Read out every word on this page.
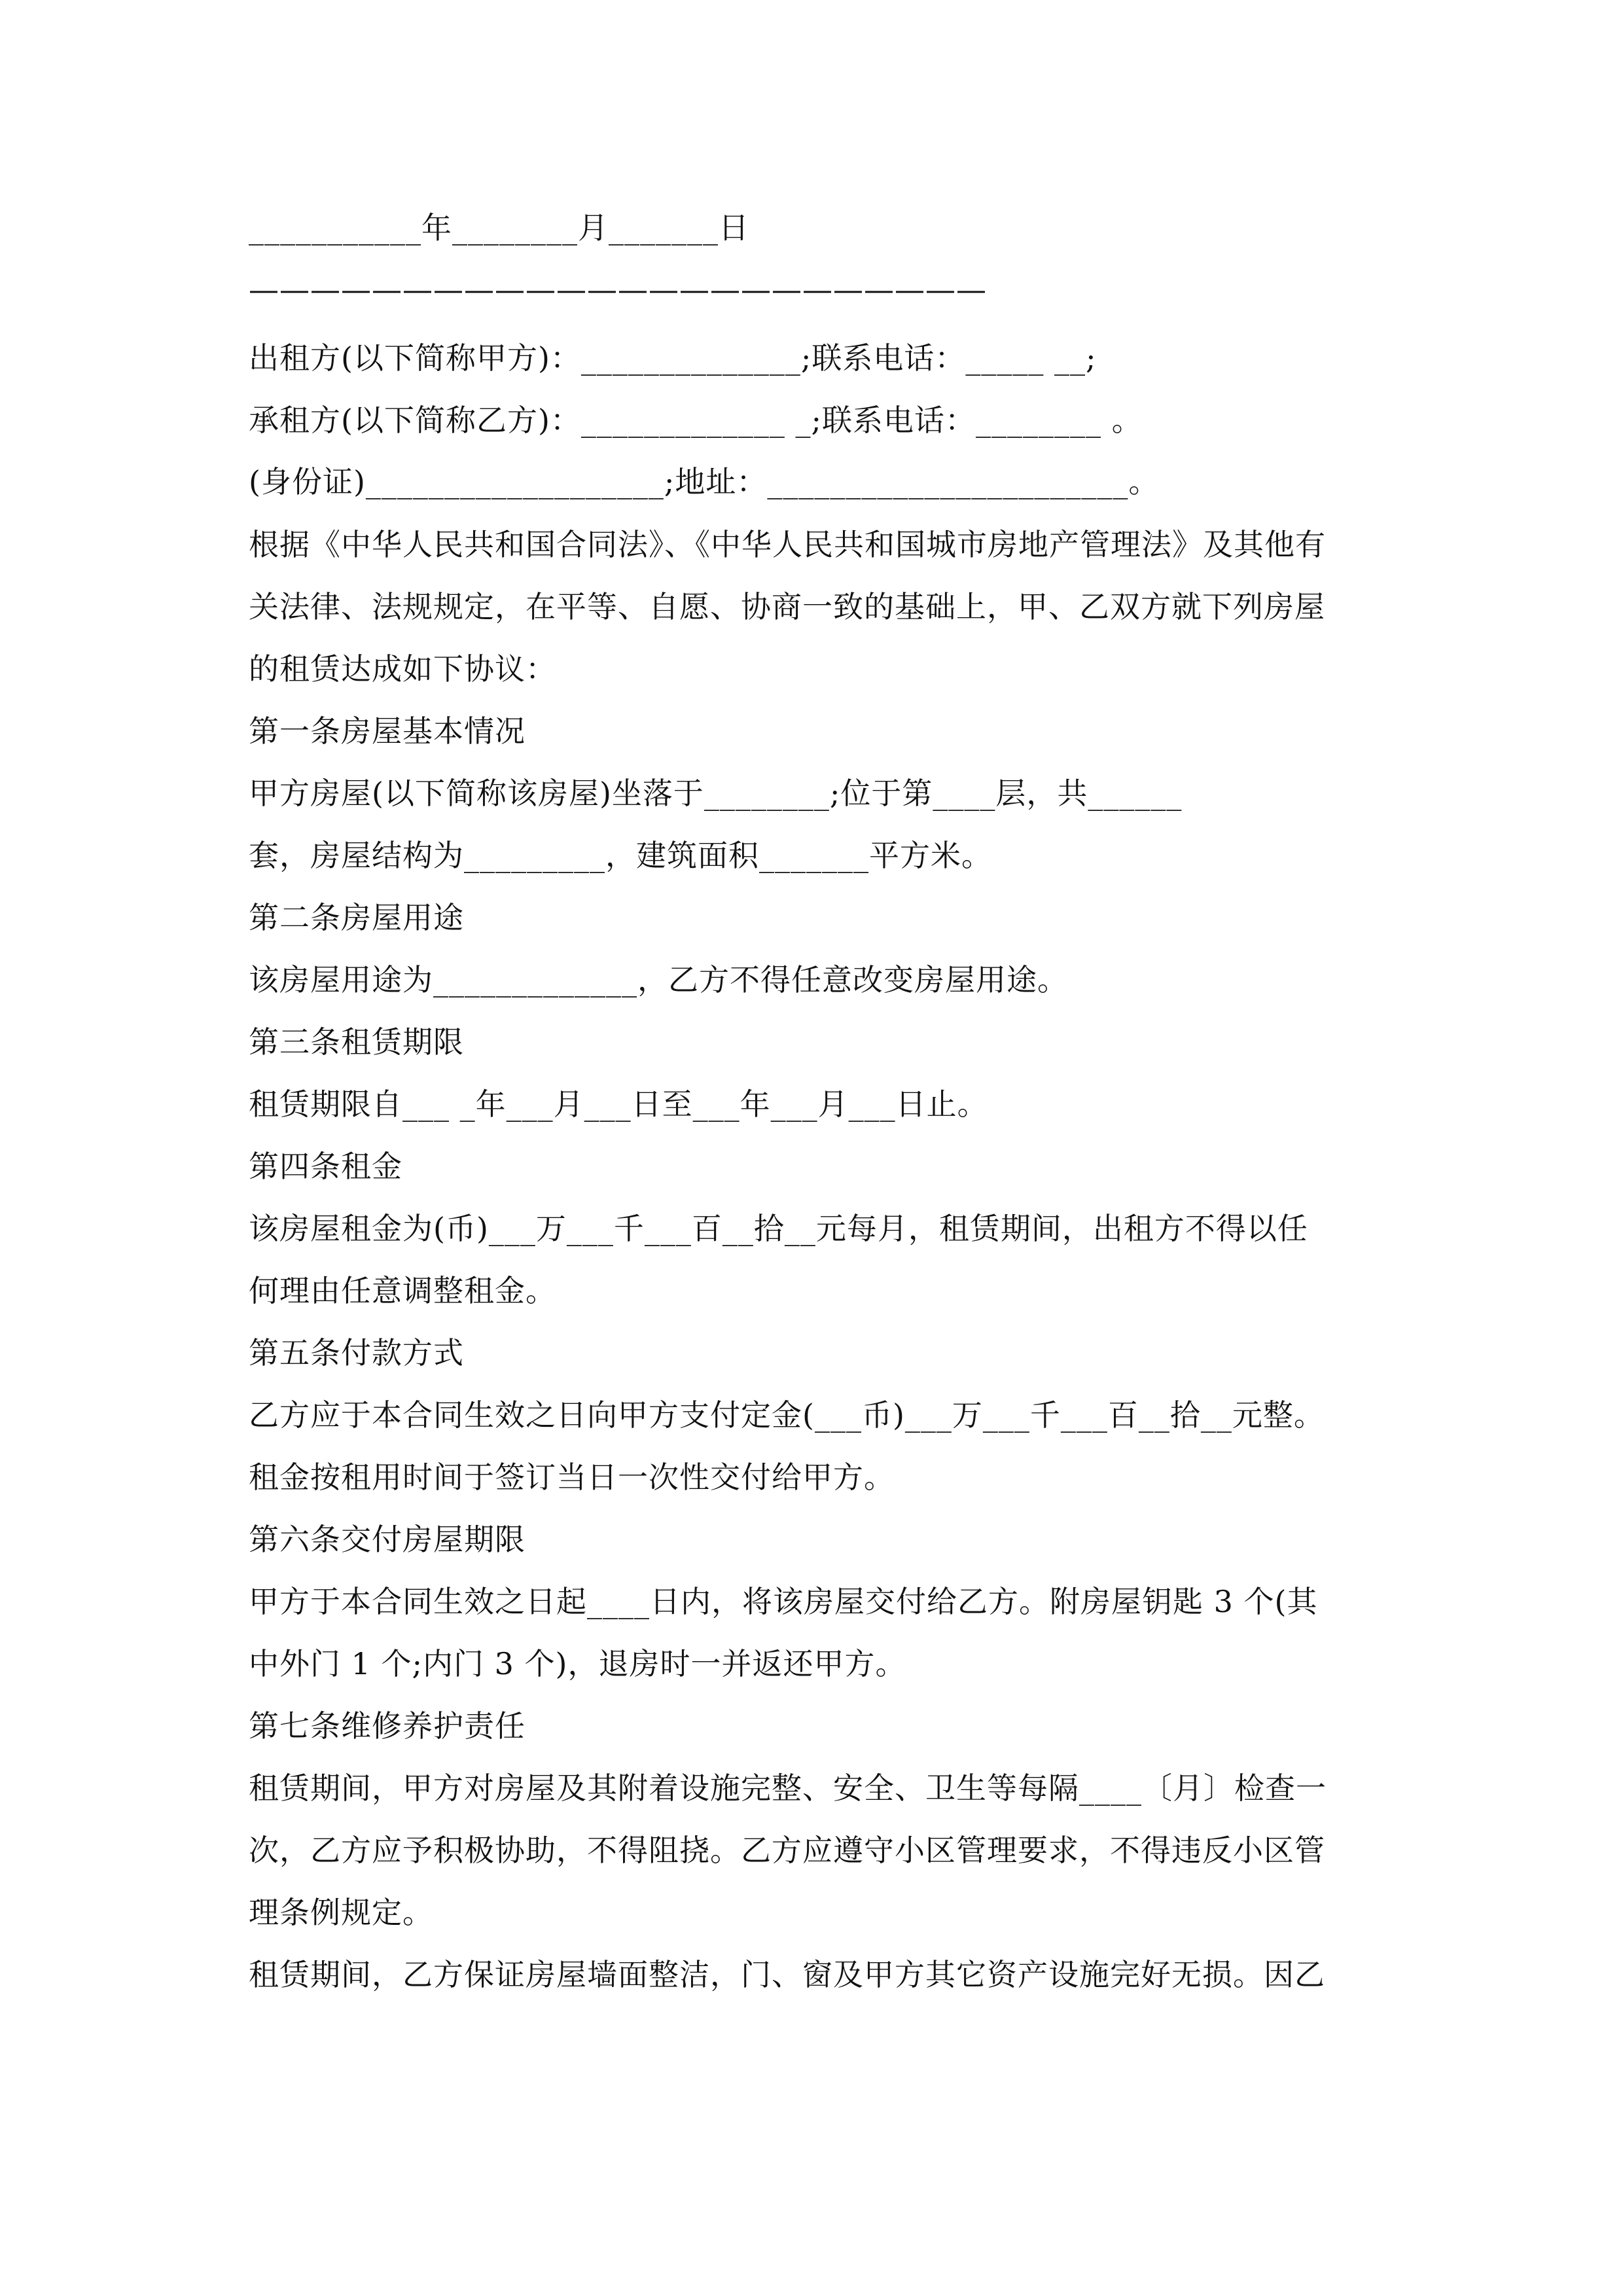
___________年________月_______日
————————————————————————
出租方(以下简称甲方)：______________;联系电话：_____ __;
承租方(以下简称乙方)：_____________ _;联系电话：________ 。
(身份证)___________________;地址：_______________________。
根据《中华人民共和国合同法》、《中华人民共和国城市房地产管理法》及其他有
关法律、法规规定，在平等、自愿、协商一致的基础上，甲、乙双方就下列房屋
的租赁达成如下协议：
第一条房屋基本情况
甲方房屋(以下简称该房屋)坐落于________;位于第____层，共______
套，房屋结构为_________，建筑面积_______平方米。
第二条房屋用途
该房屋用途为_____________，乙方不得任意改变房屋用途。
第三条租赁期限
租赁期限自___ _年___月___日至___年___月___日止。
第四条租金
该房屋租金为(币)___万___千___百__拾__元每月，租赁期间，出租方不得以任
何理由任意调整租金。
第五条付款方式
乙方应于本合同生效之日向甲方支付定金(___币)___万___千___百__拾__元整。
租金按租用时间于签订当日一次性交付给甲方。
第六条交付房屋期限
甲方于本合同生效之日起____日内，将该房屋交付给乙方。附房屋钥匙 3 个(其
中外门 1 个;内门 3 个)，退房时一并返还甲方。
第七条维修养护责任
租赁期间，甲方对房屋及其附着设施完整、安全、卫生等每隔____〔月〕检查一
次，乙方应予积极协助，不得阻挠。乙方应遵守小区管理要求，不得违反小区管
理条例规定。
租赁期间，乙方保证房屋墙面整洁，门、窗及甲方其它资产设施完好无损。因乙
